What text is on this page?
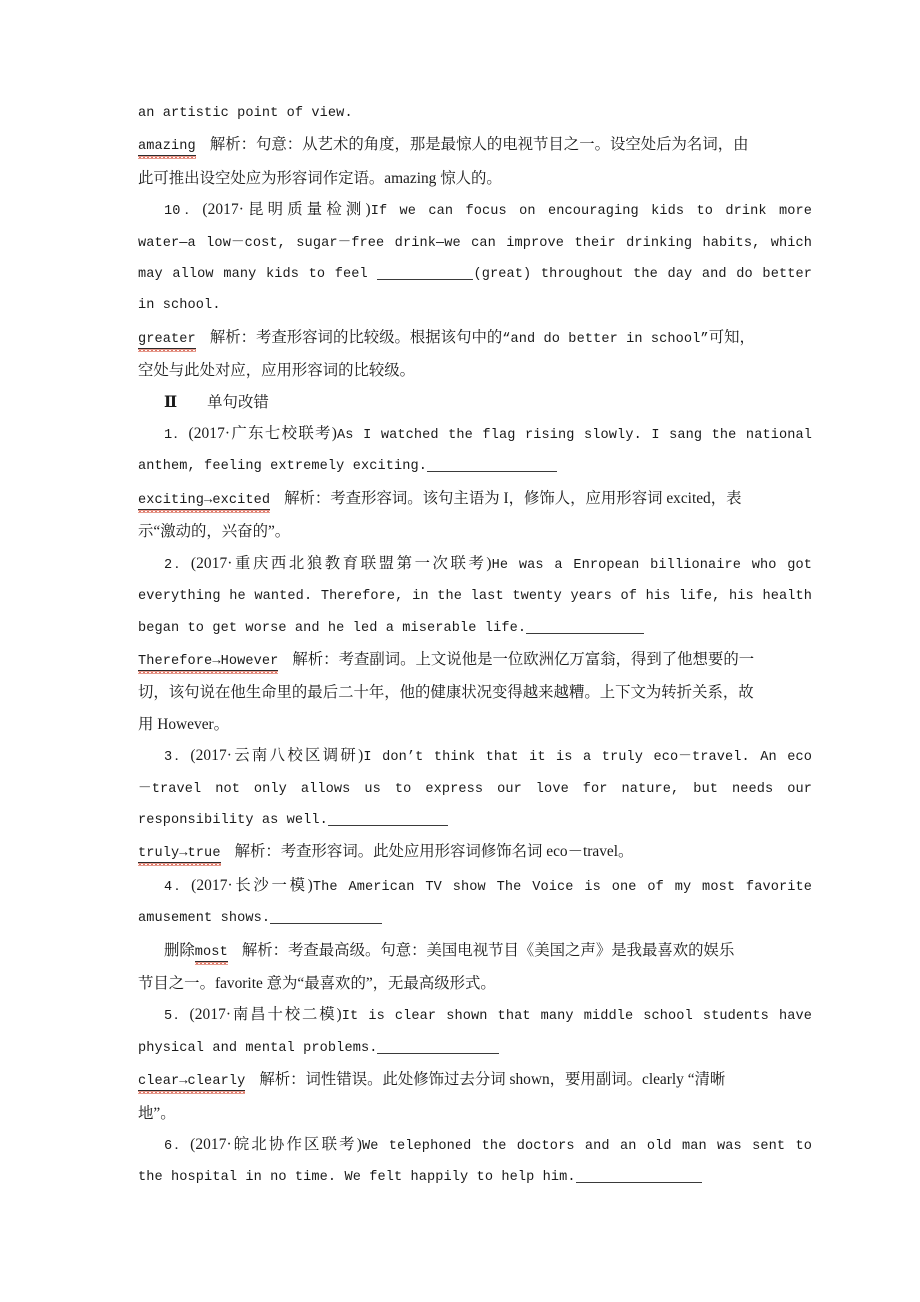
an artistic point of view.

amazing 解析：句意：从艺术的角度，那是最惊人的电视节目之一。设空处后为名词，由

此可推出设空处应为形容词作定语。amazing 惊人的。

10．(2017·昆明质量检测)If we can focus on encouraging kids to drink more

water—a low－cost, sugar－free drink—we can improve their drinking habits, which

may allow many kids to feel	(great) throughout the day and do better

in school.

greater 解析：考查形容词的比较级。根据该句中的“and do better in school”可知，

空处与此处对应，应用形容词的比较级。

Ⅱ 单句改错

1．(2017·广东七校联考)As I watched the flag rising slowly. I sang the national

anthem, feeling extremely exciting.

exciting→excited 解析：考查形容词。该句主语为 I，修饰人，应用形容词 excited，表

示“激动的，兴奋的”。

2．(2017·重庆西北狼教育联盟第一次联考)He was a Enropean billionaire who got

everything he wanted. Therefore, in the last twenty years of his life, his health

began to get worse and he led a miserable life.

Therefore→However 解析：考查副词。上文说他是一位欧洲亿万富翁，得到了他想要的一

切，该句说在他生命里的最后二十年，他的健康状况变得越来越糟。上下文为转折关系，故

用 However。

3．(2017·云南八校区调研)I don’t think that it is a truly eco－travel. An eco

－travel not only allows us to express our love for nature, but needs our

responsibility as well.

truly→true 解析：考查形容词。此处应用形容词修饰名词 eco－travel。

4．(2017·长沙一模)The American TV show The Voice is one of my most favorite

amusement shows.

删除most 解析：考查最高级。句意：美国电视节目《美国之声》是我最喜欢的娱乐

节目之一。favorite 意为“最喜欢的”，无最高级形式。

5．(2017·南昌十校二模)It is clear shown that many middle school students have

physical and mental problems.

clear→clearly 解析：词性错误。此处修饰过去分词 shown，要用副词。clearly “清晰

地”。

6．(2017·皖北协作区联考)We telephoned the doctors and an old man was sent to

the hospital in no time. We felt happily to help him.
